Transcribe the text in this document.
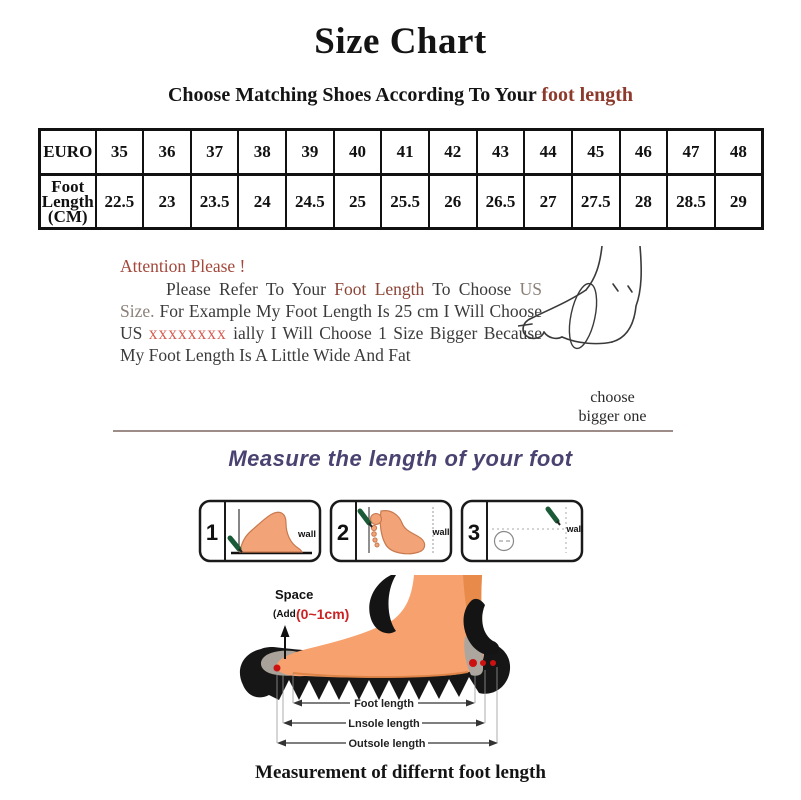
Size Chart
Choose Matching Shoes According To Your foot length
EURO	35	36	37	38	39	40	41	42	43	44	45	46	47	48
Foot Length (CM)	22.5	23	23.5	24	24.5	25	25.5	26	26.5	27	27.5	28	28.5	29
Attention Please !

Please Refer To Your Foot Length To Choose US Size. For Example My Foot Length Is 25 cm I Will Choose US xxxxxxxx ially I Will Choose 1 Size Bigger Because My Foot Length Is A Little Wide And Fat

choose
bigger one
Measure the length of your foot
1	wall 2	wall 3	wall
Space
(Add (0~1cm)
Foot length
Lnsole length
Outsole length
Measurement of differnt foot length
